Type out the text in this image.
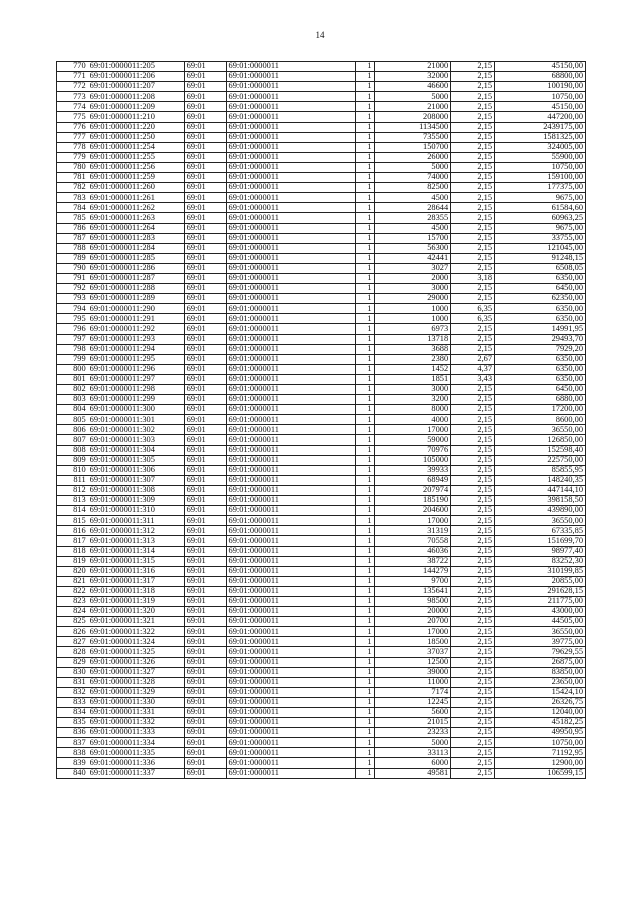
14
770	69:01:0000011:205	69:01	69:01:0000011	1	21000	2,15	45150,00
771	69:01:0000011:206	69:01	69:01:0000011	1	32000	2,15	68800,00
772	69:01:0000011:207	69:01	69:01:0000011	1	46600	2,15	100190,00
773	69:01:0000011:208	69:01	69:01:0000011	1	5000	2,15	10750,00
774	69:01:0000011:209	69:01	69:01:0000011	1	21000	2,15	45150,00
775	69:01:0000011:210	69:01	69:01:0000011	1	208000	2,15	447200,00
776	69:01:0000011:220	69:01	69:01:0000011	1	1134500	2,15	2439175,00
777	69:01:0000011:250	69:01	69:01:0000011	1	735500	2,15	1581325,00
778	69:01:0000011:254	69:01	69:01:0000011	1	150700	2,15	324005,00
779	69:01:0000011:255	69:01	69:01:0000011	1	26000	2,15	55900,00
780	69:01:0000011:256	69:01	69:01:0000011	1	5000	2,15	10750,00
781	69:01:0000011:259	69:01	69:01:0000011	1	74000	2,15	159100,00
782	69:01:0000011:260	69:01	69:01:0000011	1	82500	2,15	177375,00
783	69:01:0000011:261	69:01	69:01:0000011	1	4500	2,15	9675,00
784	69:01:0000011:262	69:01	69:01:0000011	1	28644	2,15	61584,60
785	69:01:0000011:263	69:01	69:01:0000011	1	28355	2,15	60963,25
786	69:01:0000011:264	69:01	69:01:0000011	1	4500	2,15	9675,00
787	69:01:0000011:283	69:01	69:01:0000011	1	15700	2,15	33755,00
788	69:01:0000011:284	69:01	69:01:0000011	1	56300	2,15	121045,00
789	69:01:0000011:285	69:01	69:01:0000011	1	42441	2,15	91248,15
790	69:01:0000011:286	69:01	69:01:0000011	1	3027	2,15	6508,05
791	69:01:0000011:287	69:01	69:01:0000011	1	2000	3,18	6350,00
792	69:01:0000011:288	69:01	69:01:0000011	1	3000	2,15	6450,00
793	69:01:0000011:289	69:01	69:01:0000011	1	29000	2,15	62350,00
794	69:01:0000011:290	69:01	69:01:0000011	1	1000	6,35	6350,00
795	69:01:0000011:291	69:01	69:01:0000011	1	1000	6,35	6350,00
796	69:01:0000011:292	69:01	69:01:0000011	1	6973	2,15	14991,95
797	69:01:0000011:293	69:01	69:01:0000011	1	13718	2,15	29493,70
798	69:01:0000011:294	69:01	69:01:0000011	1	3688	2,15	7929,20
799	69:01:0000011:295	69:01	69:01:0000011	1	2380	2,67	6350,00
800	69:01:0000011:296	69:01	69:01:0000011	1	1452	4,37	6350,00
801	69:01:0000011:297	69:01	69:01:0000011	1	1851	3,43	6350,00
802	69:01:0000011:298	69:01	69:01:0000011	1	3000	2,15	6450,00
803	69:01:0000011:299	69:01	69:01:0000011	1	3200	2,15	6880,00
804	69:01:0000011:300	69:01	69:01:0000011	1	8000	2,15	17200,00
805	69:01:0000011:301	69:01	69:01:0000011	1	4000	2,15	8600,00
806	69:01:0000011:302	69:01	69:01:0000011	1	17000	2,15	36550,00
807	69:01:0000011:303	69:01	69:01:0000011	1	59000	2,15	126850,00
808	69:01:0000011:304	69:01	69:01:0000011	1	70976	2,15	152598,40
809	69:01:0000011:305	69:01	69:01:0000011	1	105000	2,15	225750,00
810	69:01:0000011:306	69:01	69:01:0000011	1	39933	2,15	85855,95
811	69:01:0000011:307	69:01	69:01:0000011	1	68949	2,15	148240,35
812	69:01:0000011:308	69:01	69:01:0000011	1	207974	2,15	447144,10
813	69:01:0000011:309	69:01	69:01:0000011	1	185190	2,15	398158,50
814	69:01:0000011:310	69:01	69:01:0000011	1	204600	2,15	439890,00
815	69:01:0000011:311	69:01	69:01:0000011	1	17000	2,15	36550,00
816	69:01:0000011:312	69:01	69:01:0000011	1	31319	2,15	67335,85
817	69:01:0000011:313	69:01	69:01:0000011	1	70558	2,15	151699,70
818	69:01:0000011:314	69:01	69:01:0000011	1	46036	2,15	98977,40
819	69:01:0000011:315	69:01	69:01:0000011	1	38722	2,15	83252,30
820	69:01:0000011:316	69:01	69:01:0000011	1	144279	2,15	310199,85
821	69:01:0000011:317	69:01	69:01:0000011	1	9700	2,15	20855,00
822	69:01:0000011:318	69:01	69:01:0000011	1	135641	2,15	291628,15
823	69:01:0000011:319	69:01	69:01:0000011	1	98500	2,15	211775,00
824	69:01:0000011:320	69:01	69:01:0000011	1	20000	2,15	43000,00
825	69:01:0000011:321	69:01	69:01:0000011	1	20700	2,15	44505,00
826	69:01:0000011:322	69:01	69:01:0000011	1	17000	2,15	36550,00
827	69:01:0000011:324	69:01	69:01:0000011	1	18500	2,15	39775,00
828	69:01:0000011:325	69:01	69:01:0000011	1	37037	2,15	79629,55
829	69:01:0000011:326	69:01	69:01:0000011	1	12500	2,15	26875,00
830	69:01:0000011:327	69:01	69:01:0000011	1	39000	2,15	83850,00
831	69:01:0000011:328	69:01	69:01:0000011	1	11000	2,15	23650,00
832	69:01:0000011:329	69:01	69:01:0000011	1	7174	2,15	15424,10
833	69:01:0000011:330	69:01	69:01:0000011	1	12245	2,15	26326,75
834	69:01:0000011:331	69:01	69:01:0000011	1	5600	2,15	12040,00
835	69:01:0000011:332	69:01	69:01:0000011	1	21015	2,15	45182,25
836	69:01:0000011:333	69:01	69:01:0000011	1	23233	2,15	49950,95
837	69:01:0000011:334	69:01	69:01:0000011	1	5000	2,15	10750,00
838	69:01:0000011:335	69:01	69:01:0000011	1	33113	2,15	71192,95
839	69:01:0000011:336	69:01	69:01:0000011	1	6000	2,15	12900,00
840	69:01:0000011:337	69:01	69:01:0000011	1	49581	2,15	106599,15
